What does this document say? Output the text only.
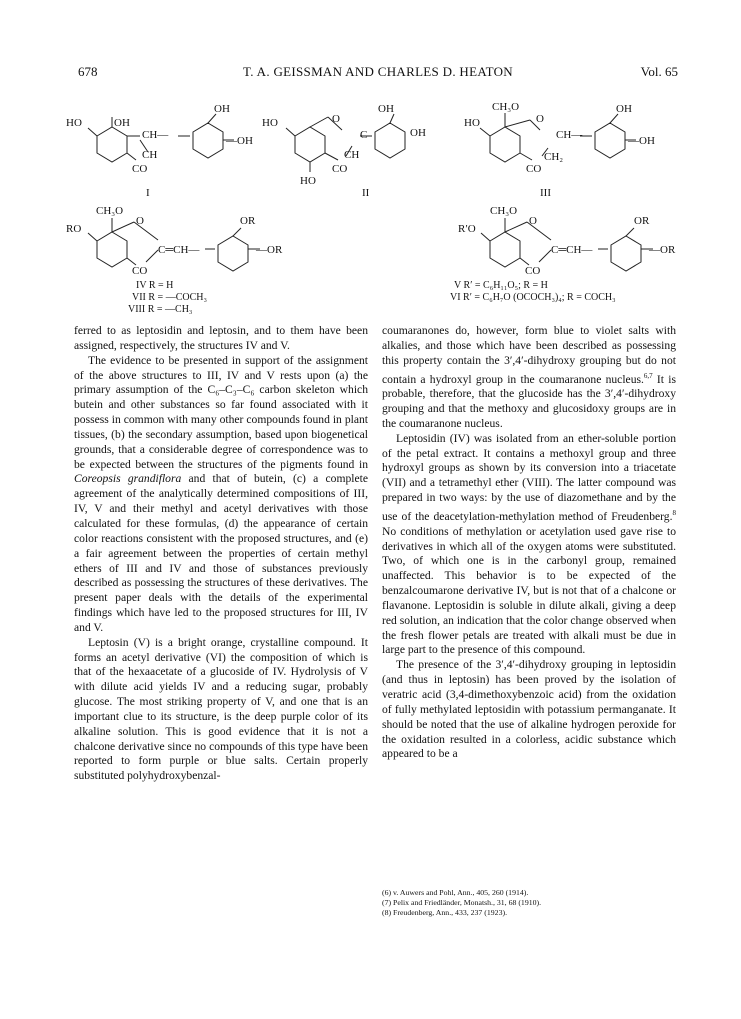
678	T. A. GEISSMAN AND CHARLES D. HEATON	Vol. 65
HO	OH
OH
CH—	—OH
CO
CH
I
HO	O
OH
OH
C
CO
CH
HO
II
CH₃O
HO	O
OH
CH—	—OH
CO
CH₂
III
CH₃O
RO
O	OR
C═CH—	—OR
CO
CH₃O
R′O
O	OR
C═CH—	—OR
CO
IV R = H
VII R = —COCH₃
VIII R = —CH₃
V R′ = C₆H₁₁O₅; R = H
VI R′ = C₆H₇O (OCOCH₃)₄; R = COCH₃

ferred to as leptosidin and leptosin, and to them have been assigned, respectively, the structures IV and V.

The evidence to be presented in support of the assignment of the above structures to III, IV and V rests upon (a) the primary assumption of the C₆–C₃–C₆ carbon skeleton which butein and other substances so far found associated with it possess in common with many other compounds found in plant tissues, (b) the secondary assumption, based upon biogenetical grounds, that a considerable degree of correspondence was to be expected between the structures of the pigments found in Coreopsis grandiflora and that of butein, (c) a complete agreement of the analytically determined compositions of III, IV, V and their methyl and acetyl derivatives with those calculated for these formulas, (d) the appearance of certain color reactions consistent with the proposed structures, and (e) a fair agreement between the properties of certain methyl ethers of III and IV and those of substances previously described as possessing the structures of these derivatives. The present paper deals with the details of the experimental findings which have led to the proposed structures for III, IV and V.

Leptosin (V) is a bright orange, crystalline compound. It forms an acetyl derivative (VI) the composition of which is that of the hexaacetate of a glucoside of IV. Hydrolysis of V with dilute acid yields IV and a reducing sugar, probably glucose. The most striking property of V, and one that is an important clue to its structure, is the deep purple color of its alkaline solution. This is good evidence that it is not a chalcone derivative since no compounds of this type have been reported to form purple or blue salts. Certain properly substituted polyhydroxybenzal-

coumaranones do, however, form blue to violet salts with alkalies, and those which have been described as possessing this property contain the 3′,4′-dihydroxy grouping but do not contain a hydroxyl group in the coumaranone nucleus.$^{6,7}$ It is probable, therefore, that the glucoside has the 3′,4′-dihydroxy grouping and that the methoxy and glucosidoxy groups are in the coumaranone nucleus.

Leptosidin (IV) was isolated from an ether-soluble portion of the petal extract. It contains a methoxyl group and three hydroxyl groups as shown by its conversion into a triacetate (VII) and a tetramethyl ether (VIII). The latter compound was prepared in two ways: by the use of diazomethane and by the use of the deacetylation-methylation method of Freudenberg.$^8$ No conditions of methylation or acetylation used gave rise to derivatives in which all of the oxygen atoms were substituted. Two, of which one is in the carbonyl group, remained unaffected. This behavior is to be expected of the benzalcoumarone derivative IV, but is not that of a chalcone or flavanone. Leptosidin is soluble in dilute alkali, giving a deep red solution, an indication that the color change observed when the fresh flower petals are treated with alkali must be due in large part to the presence of this compound.

The presence of the 3′,4′-dihydroxy grouping in leptosidin (and thus in leptosin) has been proved by the isolation of veratric acid (3,4-dimethoxybenzoic acid) from the oxidation of fully methylated leptosidin with potassium permanganate. It should be noted that the use of alkaline hydrogen peroxide for the oxidation resulted in a colorless, acidic substance which appeared to be a

(6) v. Auwers and Pohl, Ann., 405, 260 (1914).
(7) Pelix and Friedländer, Monatsh., 31, 68 (1910).
(8) Freudenberg, Ann., 433, 237 (1923).
